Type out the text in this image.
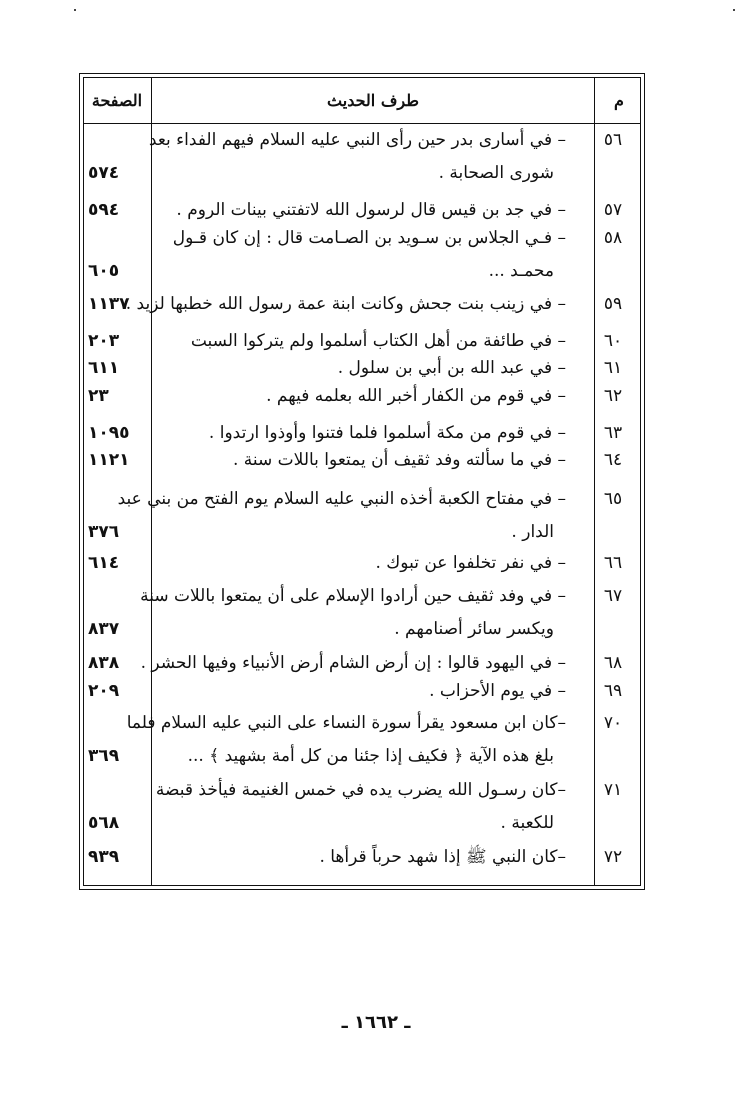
م
طرف الحديث
الصفحة
٥٦
– في أسارى بدر حين رأى النبي عليه السلام فيهم الفداء بعد
شورى الصحابة .
٥٧٤
٥٧
– في جد بن قيس قال لرسول الله لاتفتني بينات الروم .
٥٩٤
٥٨
– فـي الجلاس بن سـويد بن الصـامت قال : إن كان قـول
محمـد ...
٦٠٥
٥٩
– في زينب بنت جحش وكانت ابنة عمة رسول الله خطبها لزيد .
١١٣٧
٦٠
– في طائفة من أهل الكتاب أسلموا ولم يتركوا السبت
٢٠٣
٦١
– في عبد الله بن أبي بن سلول .
٦١١
٦٢
– في قوم من الكفار أخبر الله بعلمه فيهم .
٢٣
٦٣
– في قوم من مكة أسلموا فلما فتنوا وأوذوا ارتدوا .
١٠٩٥
٦٤
– في ما سألته وفد ثقيف أن يمتعوا باللات سنة .
١١٢١
٦٥
– في مفتاح الكعبة أخذه النبي عليه السلام يوم الفتح من بني عبد
الدار .
٣٧٦
٦٦
– في نفر تخلفوا عن تبوك .
٦١٤
٦٧
– في وفد ثقيف حين أرادوا الإسلام على أن يمتعوا باللات سنة
ويكسر سائر أصنامهم .
٨٣٧
٦٨
– في اليهود قالوا : إن أرض الشام أرض الأنبياء وفيها الحشر .
٨٣٨
٦٩
– في يوم الأحزاب .
٢٠٩
٧٠
–كان ابن مسعود يقرأ سورة النساء على النبي عليه السلام فلما
بلغ هذه الآية ﴿ فكيف إذا جئنا من كل أمة بشهيد ﴾ ...
٣٦٩
٧١
–كان رسـول الله يضرب يده في خمس الغنيمة فيأخذ قبضة
للكعبة .
٥٦٨
٧٢
–كان النبي ﷺ إذا شهد حرباً قرأها .
٩٣٩
ـ ١٦٦٢ ـ
